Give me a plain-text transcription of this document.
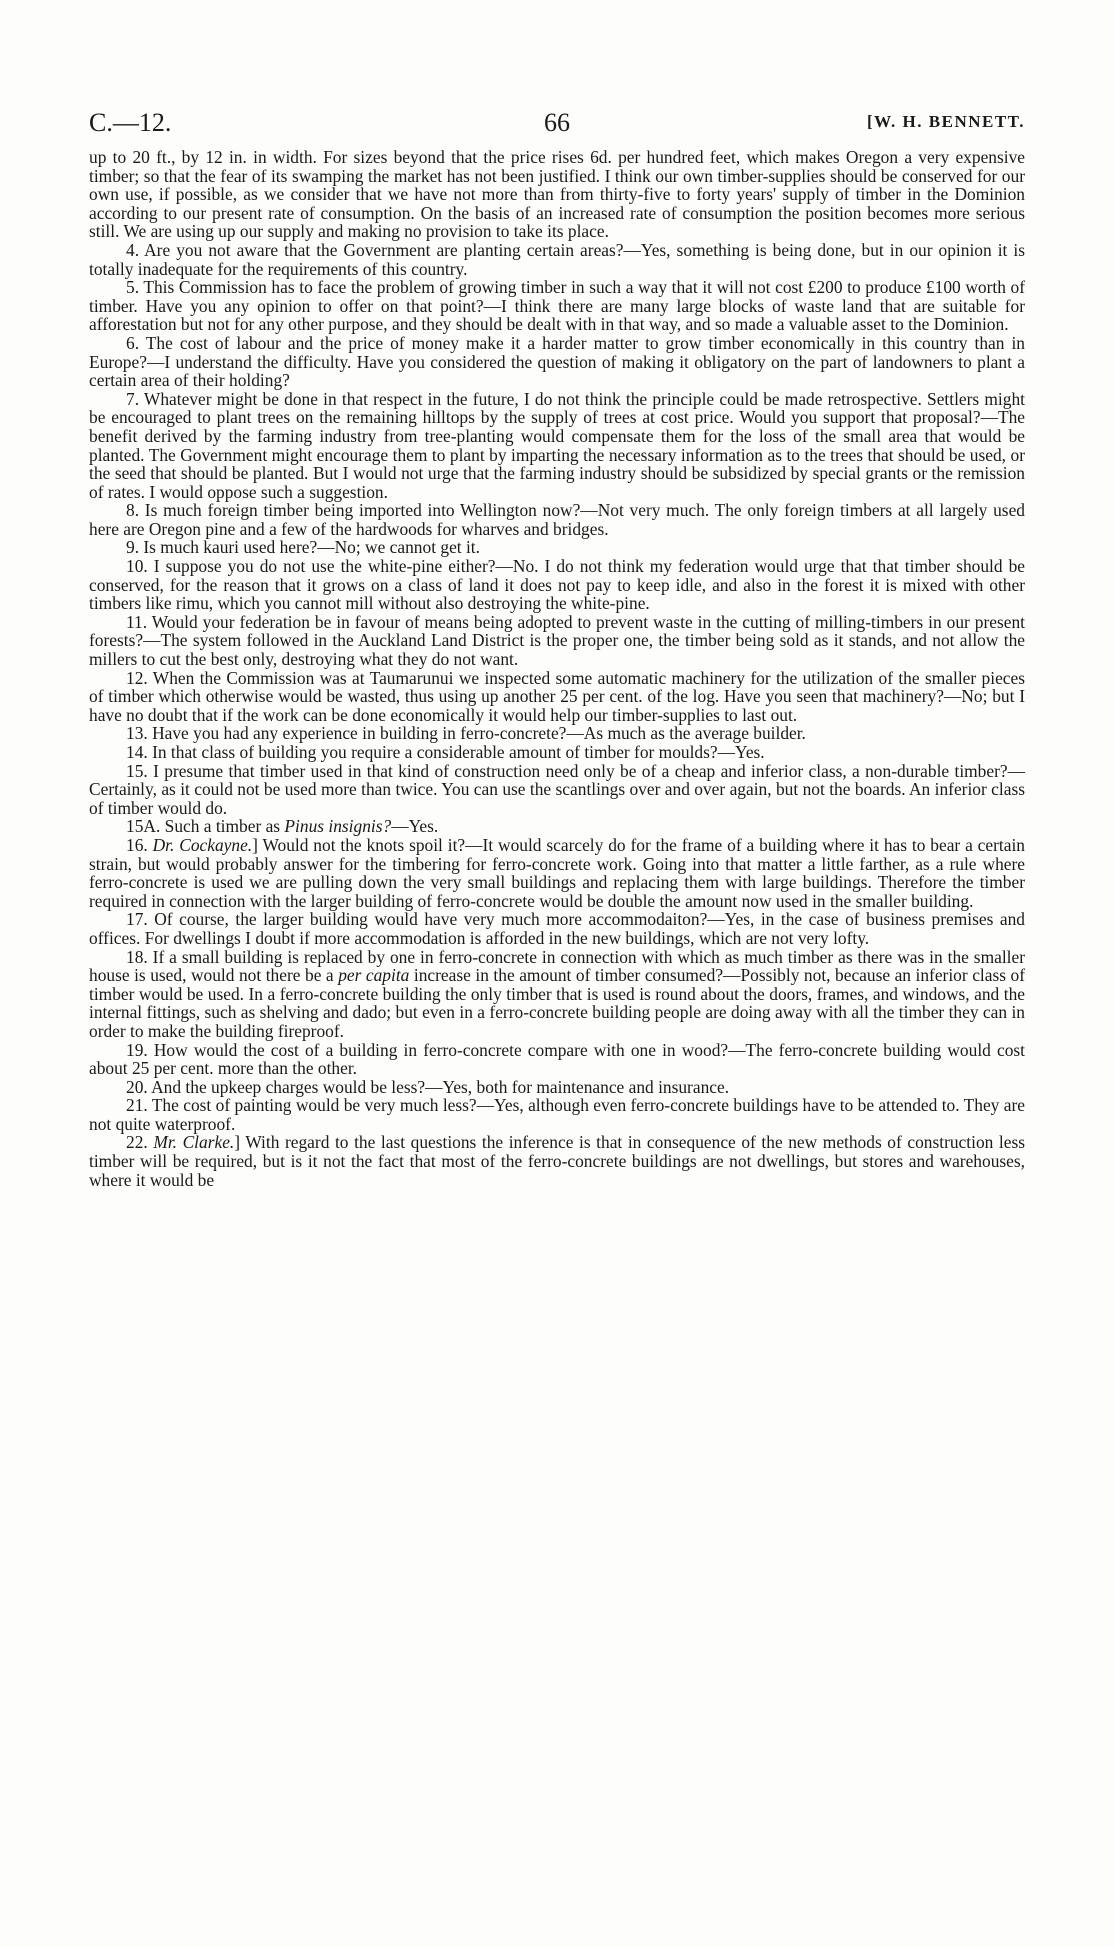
C.—12.	66	[W. H. BENNETT.

up to 20 ft., by 12 in. in width. For sizes beyond that the price rises 6d. per hundred feet, which makes Oregon a very expensive timber; so that the fear of its swamping the market has not been justified. I think our own timber-supplies should be conserved for our own use, if possible, as we consider that we have not more than from thirty-five to forty years' supply of timber in the Dominion according to our present rate of consumption. On the basis of an increased rate of consumption the position becomes more serious still. We are using up our supply and making no provision to take its place.

4. Are you not aware that the Government are planting certain areas?—Yes, something is being done, but in our opinion it is totally inadequate for the requirements of this country.

5. This Commission has to face the problem of growing timber in such a way that it will not cost £200 to produce £100 worth of timber. Have you any opinion to offer on that point?—I think there are many large blocks of waste land that are suitable for afforestation but not for any other purpose, and they should be dealt with in that way, and so made a valuable asset to the Dominion.

6. The cost of labour and the price of money make it a harder matter to grow timber economically in this country than in Europe?—I understand the difficulty. Have you considered the question of making it obligatory on the part of landowners to plant a certain area of their holding?

7. Whatever might be done in that respect in the future, I do not think the principle could be made retrospective. Settlers might be encouraged to plant trees on the remaining hilltops by the supply of trees at cost price. Would you support that proposal?—The benefit derived by the farming industry from tree-planting would compensate them for the loss of the small area that would be planted. The Government might encourage them to plant by imparting the necessary information as to the trees that should be used, or the seed that should be planted. But I would not urge that the farming industry should be subsidized by special grants or the remission of rates. I would oppose such a suggestion.

8. Is much foreign timber being imported into Wellington now?—Not very much. The only foreign timbers at all largely used here are Oregon pine and a few of the hardwoods for wharves and bridges.

9. Is much kauri used here?—No; we cannot get it.

10. I suppose you do not use the white-pine either?—No. I do not think my federation would urge that that timber should be conserved, for the reason that it grows on a class of land it does not pay to keep idle, and also in the forest it is mixed with other timbers like rimu, which you cannot mill without also destroying the white-pine.

11. Would your federation be in favour of means being adopted to prevent waste in the cutting of milling-timbers in our present forests?—The system followed in the Auckland Land District is the proper one, the timber being sold as it stands, and not allow the millers to cut the best only, destroying what they do not want.

12. When the Commission was at Taumarunui we inspected some automatic machinery for the utilization of the smaller pieces of timber which otherwise would be wasted, thus using up another 25 per cent. of the log. Have you seen that machinery?—No; but I have no doubt that if the work can be done economically it would help our timber-supplies to last out.

13. Have you had any experience in building in ferro-concrete?—As much as the average builder.

14. In that class of building you require a considerable amount of timber for moulds?—Yes.

15. I presume that timber used in that kind of construction need only be of a cheap and inferior class, a non-durable timber?—Certainly, as it could not be used more than twice. You can use the scantlings over and over again, but not the boards. An inferior class of timber would do.

15A. Such a timber as Pinus insignis?—Yes.

16. Dr. Cockayne.] Would not the knots spoil it?—It would scarcely do for the frame of a building where it has to bear a certain strain, but would probably answer for the timbering for ferro-concrete work. Going into that matter a little farther, as a rule where ferro-concrete is used we are pulling down the very small buildings and replacing them with large buildings. Therefore the timber required in connection with the larger building of ferro-concrete would be double the amount now used in the smaller building.

17. Of course, the larger building would have very much more accommodaiton?—Yes, in the case of business premises and offices. For dwellings I doubt if more accommodation is afforded in the new buildings, which are not very lofty.

18. If a small building is replaced by one in ferro-concrete in connection with which as much timber as there was in the smaller house is used, would not there be a per capita increase in the amount of timber consumed?—Possibly not, because an inferior class of timber would be used. In a ferro-concrete building the only timber that is used is round about the doors, frames, and windows, and the internal fittings, such as shelving and dado; but even in a ferro-concrete building people are doing away with all the timber they can in order to make the building fireproof.

19. How would the cost of a building in ferro-concrete compare with one in wood?—The ferro-concrete building would cost about 25 per cent. more than the other.

20. And the upkeep charges would be less?—Yes, both for maintenance and insurance.

21. The cost of painting would be very much less?—Yes, although even ferro-concrete buildings have to be attended to. They are not quite waterproof.

22. Mr. Clarke.] With regard to the last questions the inference is that in consequence of the new methods of construction less timber will be required, but is it not the fact that most of the ferro-concrete buildings are not dwellings, but stores and warehouses, where it would be
